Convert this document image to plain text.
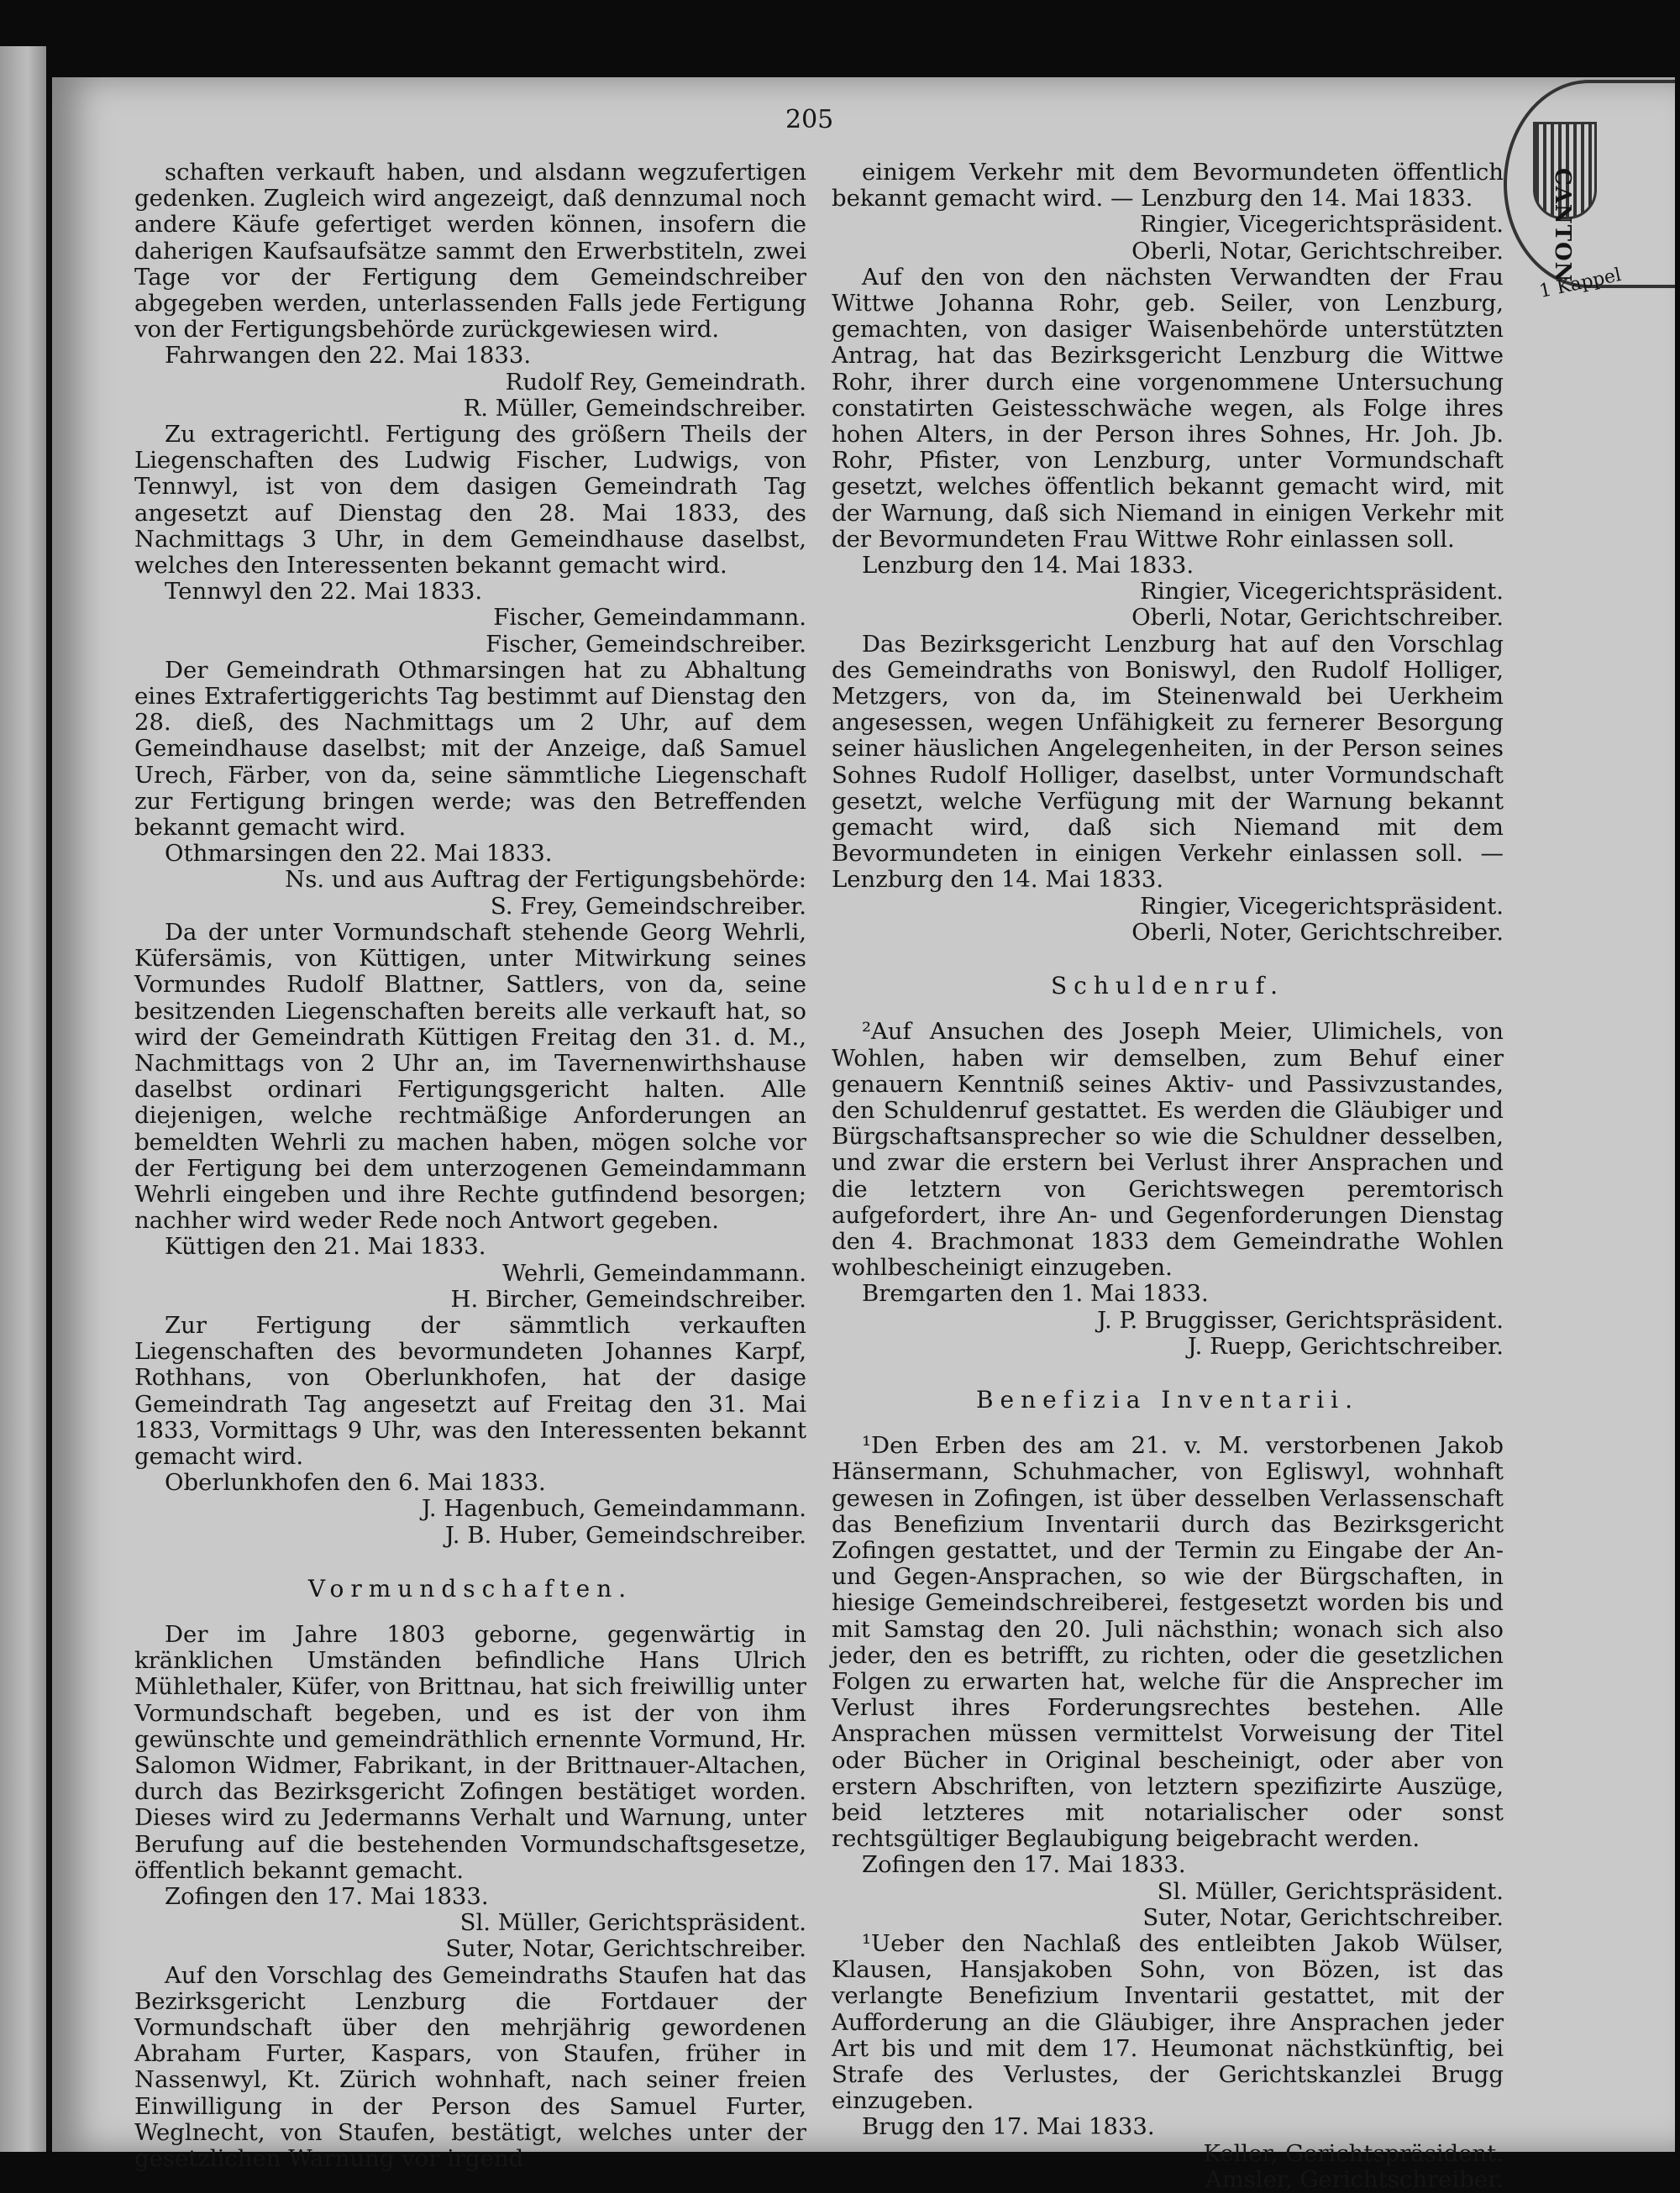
205
CANTON
1 Kappel
schaften verkauft haben, und alsdann wegzufertigen gedenken. Zugleich wird angezeigt, daß dennzumal noch andere Käufe gefertiget werden können, insofern die daherigen Kaufsaufsätze sammt den Erwerbstiteln, zwei Tage vor der Fertigung dem Gemeindschreiber abgegeben werden, unterlassenden Falls jede Fertigung von der Fertigungsbehörde zurückgewiesen wird.
Fahrwangen den 22. Mai 1833.
Rudolf Rey, Gemeindrath.
R. Müller, Gemeindschreiber.
Zu extragerichtl. Fertigung des größern Theils der Liegenschaften des Ludwig Fischer, Ludwigs, von Tennwyl, ist von dem dasigen Gemeindrath Tag angesetzt auf Dienstag den 28. Mai 1833, des Nachmittags 3 Uhr, in dem Gemeindhause daselbst, welches den Interessenten bekannt gemacht wird.
Tennwyl den 22. Mai 1833.
Fischer, Gemeindammann.
Fischer, Gemeindschreiber.
Der Gemeindrath Othmarsingen hat zu Abhaltung eines Extrafertiggerichts Tag bestimmt auf Dienstag den 28. dieß, des Nachmittags um 2 Uhr, auf dem Gemeindhause daselbst; mit der Anzeige, daß Samuel Urech, Färber, von da, seine sämmtliche Liegenschaft zur Fertigung bringen werde; was den Betreffenden bekannt gemacht wird.
Othmarsingen den 22. Mai 1833.
Ns. und aus Auftrag der Fertigungsbehörde:
S. Frey, Gemeindschreiber.
Da der unter Vormundschaft stehende Georg Wehrli, Küfersämis, von Küttigen, unter Mitwirkung seines Vormundes Rudolf Blattner, Sattlers, von da, seine besitzenden Liegenschaften bereits alle verkauft hat, so wird der Gemeindrath Küttigen Freitag den 31. d. M., Nachmittags von 2 Uhr an, im Tavernenwirthshause daselbst ordinari Fertigungsgericht halten. Alle diejenigen, welche rechtmäßige Anforderungen an bemeldten Wehrli zu machen haben, mögen solche vor der Fertigung bei dem unterzogenen Gemeindammann Wehrli eingeben und ihre Rechte gutfindend besorgen; nachher wird weder Rede noch Antwort gegeben.
Küttigen den 21. Mai 1833.
Wehrli, Gemeindammann.
H. Bircher, Gemeindschreiber.
Zur Fertigung der sämmtlich verkauften Liegenschaften des bevormundeten Johannes Karpf, Rothhans, von Oberlunkhofen, hat der dasige Gemeindrath Tag angesetzt auf Freitag den 31. Mai 1833, Vormittags 9 Uhr, was den Interessenten bekannt gemacht wird.
Oberlunkhofen den 6. Mai 1833.
J. Hagenbuch, Gemeindammann.
J. B. Huber, Gemeindschreiber.
Vormundschaften.
Der im Jahre 1803 geborne, gegenwärtig in kränklichen Umständen befindliche Hans Ulrich Mühlethaler, Küfer, von Brittnau, hat sich freiwillig unter Vormundschaft begeben, und es ist der von ihm gewünschte und gemeindräthlich ernennte Vormund, Hr. Salomon Widmer, Fabrikant, in der Brittnauer-Altachen, durch das Bezirksgericht Zofingen bestätiget worden. Dieses wird zu Jedermanns Verhalt und Warnung, unter Berufung auf die bestehenden Vormundschaftsgesetze, öffentlich bekannt gemacht.
Zofingen den 17. Mai 1833.
Sl. Müller, Gerichtspräsident.
Suter, Notar, Gerichtschreiber.
Auf den Vorschlag des Gemeindraths Staufen hat das Bezirksgericht Lenzburg die Fortdauer der Vormundschaft über den mehrjährig gewordenen Abraham Furter, Kaspars, von Staufen, früher in Nassenwyl, Kt. Zürich wohnhaft, nach seiner freien Einwilligung in der Person des Samuel Furter, Weglnecht, von Staufen, bestätigt, welches unter der gesetzlichen Warnung vor irgend
einigem Verkehr mit dem Bevormundeten öffentlich bekannt gemacht wird. — Lenzburg den 14. Mai 1833.
Ringier, Vicegerichtspräsident.
Oberli, Notar, Gerichtschreiber.
Auf den von den nächsten Verwandten der Frau Wittwe Johanna Rohr, geb. Seiler, von Lenzburg, gemachten, von dasiger Waisenbehörde unterstützten Antrag, hat das Bezirksgericht Lenzburg die Wittwe Rohr, ihrer durch eine vorgenommene Untersuchung constatirten Geistesschwäche wegen, als Folge ihres hohen Alters, in der Person ihres Sohnes, Hr. Joh. Jb. Rohr, Pfister, von Lenzburg, unter Vormundschaft gesetzt, welches öffentlich bekannt gemacht wird, mit der Warnung, daß sich Niemand in einigen Verkehr mit der Bevormundeten Frau Wittwe Rohr einlassen soll.
Lenzburg den 14. Mai 1833.
Ringier, Vicegerichtspräsident.
Oberli, Notar, Gerichtschreiber.
Das Bezirksgericht Lenzburg hat auf den Vorschlag des Gemeindraths von Boniswyl, den Rudolf Holliger, Metzgers, von da, im Steinenwald bei Uerkheim angesessen, wegen Unfähigkeit zu fernerer Besorgung seiner häuslichen Angelegenheiten, in der Person seines Sohnes Rudolf Holliger, daselbst, unter Vormundschaft gesetzt, welche Verfügung mit der Warnung bekannt gemacht wird, daß sich Niemand mit dem Bevormundeten in einigen Verkehr einlassen soll. — Lenzburg den 14. Mai 1833.
Ringier, Vicegerichtspräsident.
Oberli, Noter, Gerichtschreiber.
Schuldenruf.
²Auf Ansuchen des Joseph Meier, Ulimichels, von Wohlen, haben wir demselben, zum Behuf einer genauern Kenntniß seines Aktiv- und Passivzustandes, den Schuldenruf gestattet. Es werden die Gläubiger und Bürgschaftsansprecher so wie die Schuldner desselben, und zwar die erstern bei Verlust ihrer Ansprachen und die letztern von Gerichtswegen peremtorisch aufgefordert, ihre An- und Gegenforderungen Dienstag den 4. Brachmonat 1833 dem Gemeindrathe Wohlen wohlbescheinigt einzugeben.
Bremgarten den 1. Mai 1833.
J. P. Bruggisser, Gerichtspräsident.
J. Ruepp, Gerichtschreiber.
Benefizia Inventarii.
¹Den Erben des am 21. v. M. verstorbenen Jakob Hänsermann, Schuhmacher, von Egliswyl, wohnhaft gewesen in Zofingen, ist über desselben Verlassenschaft das Benefizium Inventarii durch das Bezirksgericht Zofingen gestattet, und der Termin zu Eingabe der An- und Gegen-Ansprachen, so wie der Bürgschaften, in hiesige Gemeindschreiberei, festgesetzt worden bis und mit Samstag den 20. Juli nächsthin; wonach sich also jeder, den es betrifft, zu richten, oder die gesetzlichen Folgen zu erwarten hat, welche für die Ansprecher im Verlust ihres Forderungsrechtes bestehen. Alle Ansprachen müssen vermittelst Vorweisung der Titel oder Bücher in Original bescheinigt, oder aber von erstern Abschriften, von letztern spezifizirte Auszüge, beid letzteres mit notarialischer oder sonst rechtsgültiger Beglaubigung beigebracht werden.
Zofingen den 17. Mai 1833.
Sl. Müller, Gerichtspräsident.
Suter, Notar, Gerichtschreiber.
¹Ueber den Nachlaß des entleibten Jakob Wülser, Klausen, Hansjakoben Sohn, von Bözen, ist das verlangte Benefizium Inventarii gestattet, mit der Aufforderung an die Gläubiger, ihre Ansprachen jeder Art bis und mit dem 17. Heumonat nächstkünftig, bei Strafe des Verlustes, der Gerichtskanzlei Brugg einzugeben.
Brugg den 17. Mai 1833.
Keller, Gerichtspräsident.
Amsler, Gerichtschreiber.
